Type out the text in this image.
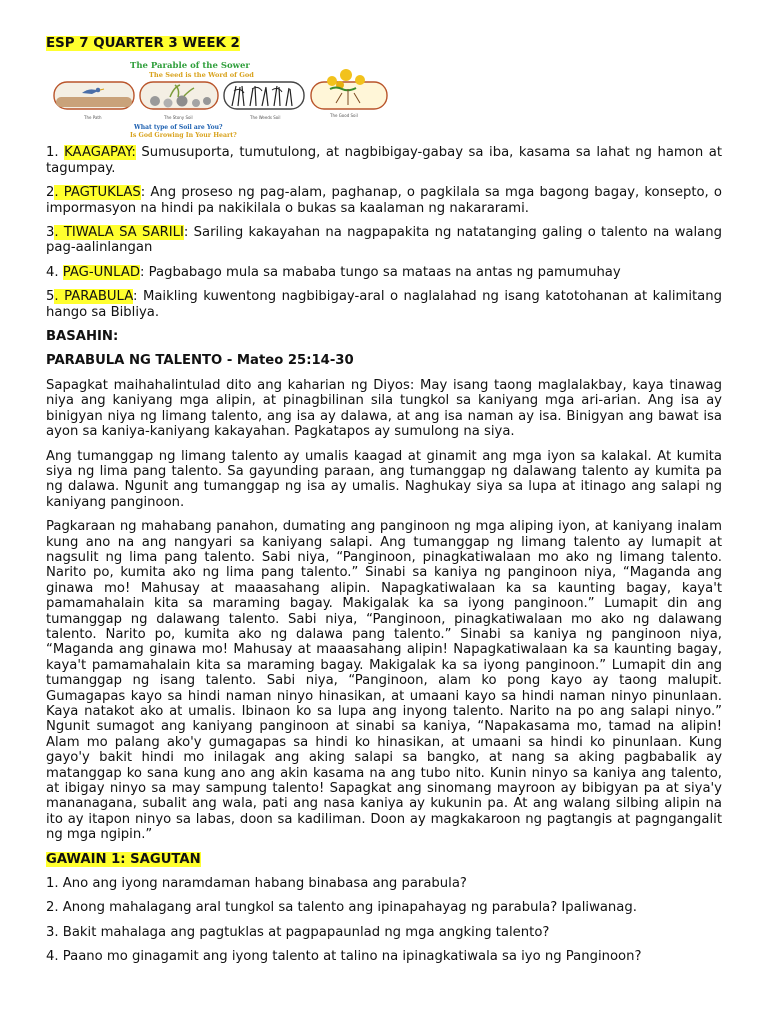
ESP 7 QUARTER 3 WEEK 2
The Parable of the Sower
The Seed is the Word of God
The Path	The Stony Soil	The Weeds Soil
What type of Soil are You?
Is God Growing In Your Heart?
The Good Soil

1. KAAGAPAY: Sumusuporta, tumutulong, at nagbibigay-gabay sa iba, kasama sa lahat ng hamon at tagumpay.

2. PAGTUKLAS: Ang proseso ng pag-alam, paghanap, o pagkilala sa mga bagong bagay, konsepto, o impormasyon na hindi pa nakikilala o bukas sa kaalaman ng nakararami.

3. TIWALA SA SARILI: Sariling kakayahan na nagpapakita ng natatanging galing o talento na walang pag-aalinlangan

4. PAG-UNLAD: Pagbabago mula sa mababa tungo sa mataas na antas ng pamumuhay

5. PARABULA: Maikling kuwentong nagbibigay-aral o naglalahad ng isang katotohanan at kalimitang hango sa Bibliya.

BASAHIN:

PARABULA NG TALENTO - Mateo 25:14-30

Sapagkat maihahalintulad dito ang kaharian ng Diyos: May isang taong maglalakbay, kaya tinawag niya ang kaniyang mga alipin, at pinagbilinan sila tungkol sa kaniyang mga ari-arian. Ang isa ay binigyan niya ng limang talento, ang isa ay dalawa, at ang isa naman ay isa. Binigyan ang bawat isa ayon sa kaniya-kaniyang kakayahan. Pagkatapos ay sumulong na siya.

Ang tumanggap ng limang talento ay umalis kaagad at ginamit ang mga iyon sa kalakal. At kumita siya ng lima pang talento. Sa gayunding paraan, ang tumanggap ng dalawang talento ay kumita pa ng dalawa. Ngunit ang tumanggap ng isa ay umalis. Naghukay siya sa lupa at itinago ang salapi ng kaniyang panginoon.

Pagkaraan ng mahabang panahon, dumating ang panginoon ng mga aliping iyon, at kaniyang inalam kung ano na ang nangyari sa kaniyang salapi. Ang tumanggap ng limang talento ay lumapit at nagsulit ng lima pang talento. Sabi niya, “Panginoon, pinagkatiwalaan mo ako ng limang talento. Narito po, kumita ako ng lima pang talento.” Sinabi sa kaniya ng panginoon niya, “Maganda ang ginawa mo! Mahusay at maaasahang alipin. Napagkatiwalaan ka sa kaunting bagay, kaya't pamamahalain kita sa maraming bagay. Makigalak ka sa iyong panginoon.” Lumapit din ang tumanggap ng dalawang talento. Sabi niya, “Panginoon, pinagkatiwalaan mo ako ng dalawang talento. Narito po, kumita ako ng dalawa pang talento.” Sinabi sa kaniya ng panginoon niya, “Maganda ang ginawa mo! Mahusay at maaasahang alipin! Napagkatiwalaan ka sa kaunting bagay, kaya't pamamahalain kita sa maraming bagay. Makigalak ka sa iyong panginoon.” Lumapit din ang tumanggap ng isang talento. Sabi niya, “Panginoon, alam ko pong kayo ay taong malupit. Gumagapas kayo sa hindi naman ninyo hinasikan, at umaani kayo sa hindi naman ninyo pinunlaan. Kaya natakot ako at umalis. Ibinaon ko sa lupa ang inyong talento. Narito na po ang salapi ninyo.” Ngunit sumagot ang kaniyang panginoon at sinabi sa kaniya, “Napakasama mo, tamad na alipin! Alam mo palang ako'y gumagapas sa hindi ko hinasikan, at umaani sa hindi ko pinunlaan. Kung gayo'y bakit hindi mo inilagak ang aking salapi sa bangko, at nang sa aking pagbabalik ay matanggap ko sana kung ano ang akin kasama na ang tubo nito. Kunin ninyo sa kaniya ang talento, at ibigay ninyo sa may sampung talento! Sapagkat ang sinomang mayroon ay bibigyan pa at siya'y mananagana, subalit ang wala, pati ang nasa kaniya ay kukunin pa. At ang walang silbing alipin na ito ay itapon ninyo sa labas, doon sa kadiliman. Doon ay magkakaroon ng pagtangis at pagngangalit ng mga ngipin.”

GAWAIN 1: SAGUTAN

1. Ano ang iyong naramdaman habang binabasa ang parabula?

2. Anong mahalagang aral tungkol sa talento ang ipinapahayag ng parabula? Ipaliwanag.

3. Bakit mahalaga ang pagtuklas at pagpapaunlad ng mga angking talento?

4. Paano mo ginagamit ang iyong talento at talino na ipinagkatiwala sa iyo ng Panginoon?
